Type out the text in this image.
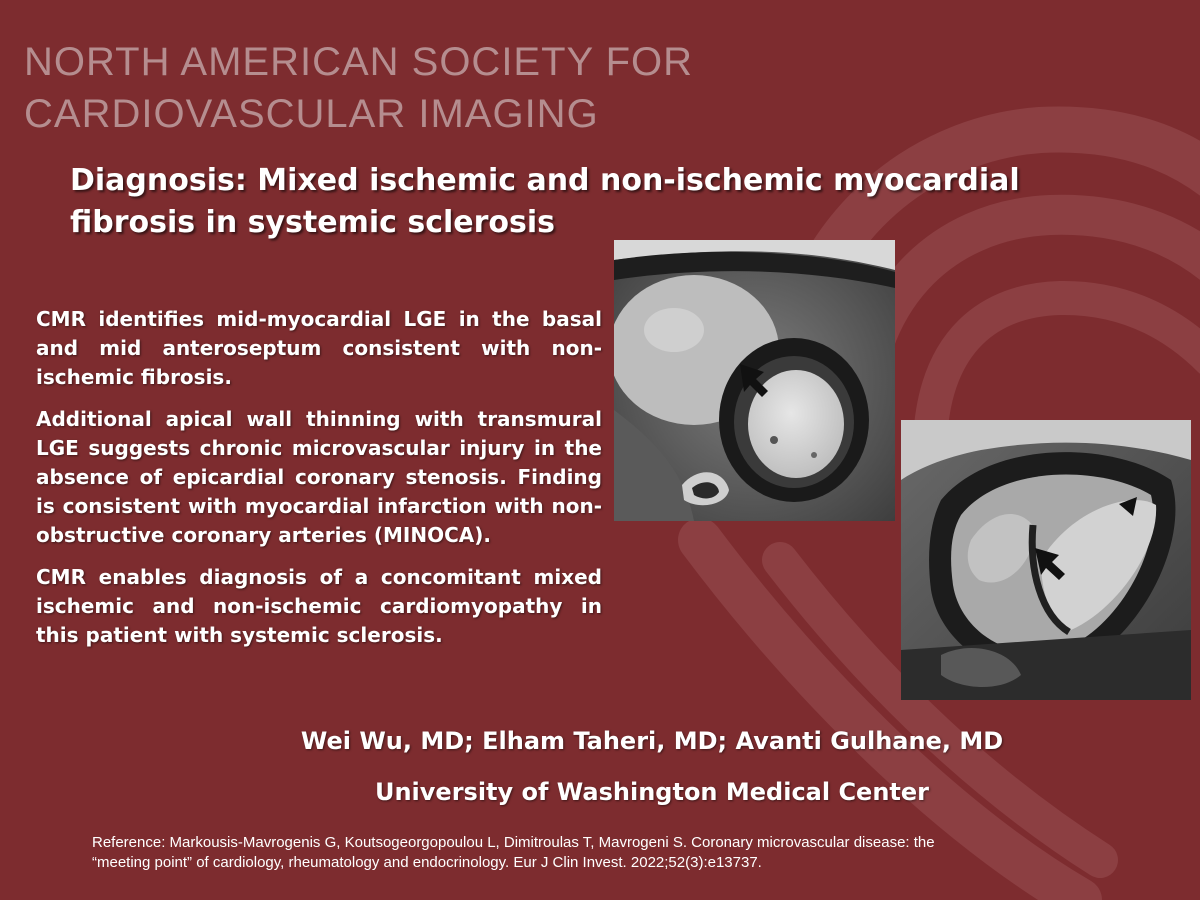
NORTH AMERICAN SOCIETY FOR
CARDIOVASCULAR IMAGING
Diagnosis: Mixed ischemic and non-ischemic myocardial
fibrosis in systemic sclerosis

CMR identifies mid-myocardial LGE in the basal and mid anteroseptum consistent with non-ischemic fibrosis.

Additional apical wall thinning with transmural LGE suggests chronic microvascular injury in the absence of epicardial coronary stenosis. Finding is consistent with myocardial infarction with non-obstructive coronary arteries (MINOCA).

CMR enables diagnosis of a concomitant mixed ischemic and non-ischemic cardiomyopathy in this patient with systemic sclerosis.

Wei Wu, MD; Elham Taheri, MD; Avanti Gulhane, MD

University of Washington Medical Center

Reference: Markousis-Mavrogenis G, Koutsogeorgopoulou L, Dimitroulas T, Mavrogeni S. Coronary microvascular disease: the
“meeting point” of cardiology, rheumatology and endocrinology. Eur J Clin Invest. 2022;52(3):e13737.
